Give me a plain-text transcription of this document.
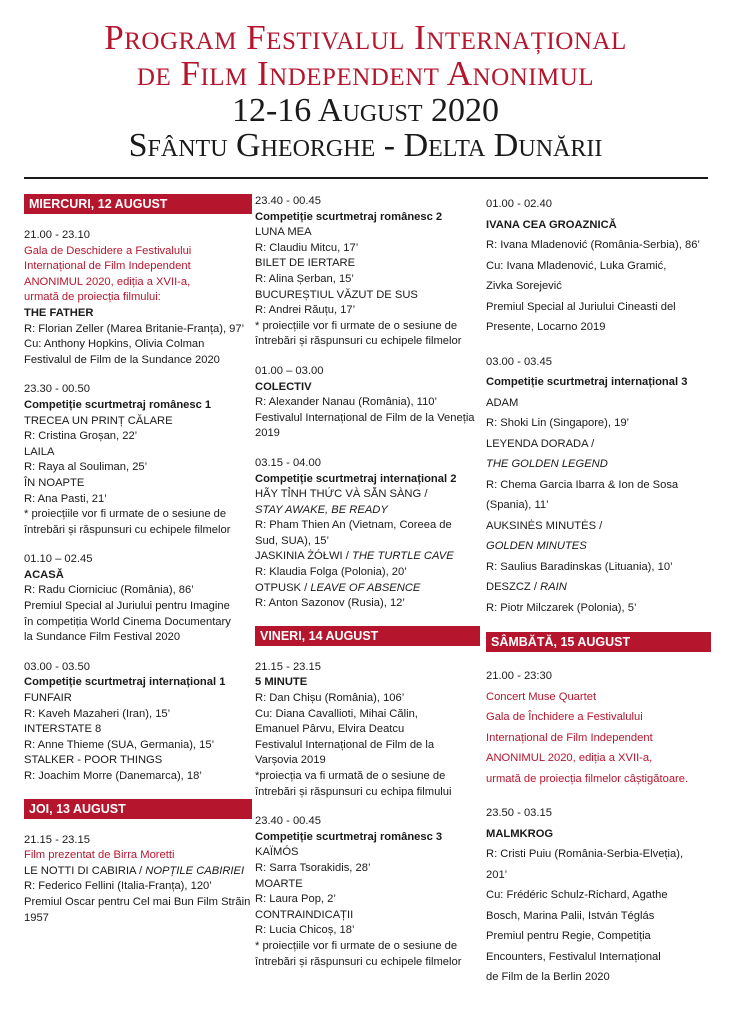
Program Festivalul Internațional
de Film Independent Anonimul
12-16 August 2020
Sfântu Gheorghe - Delta Dunării
MIERCURI, 12 AUGUST
21.00 - 23.10
Gala de Deschidere a Festivalului
Internațional de Film Independent
ANONIMUL 2020, ediția a XVII-a,
urmată de proiecția filmului:
THE FATHER
R: Florian Zeller (Marea Britanie-Franța), 97’
Cu: Anthony Hopkins, Olivia Colman
Festivalul de Film de la Sundance 2020
23.30 - 00.50
Competiție scurtmetraj românesc 1
TRECEA UN PRINȚ CĂLARE
R: Cristina Groșan, 22’
LAILA
R: Raya al Souliman, 25’
ÎN NOAPTE
R: Ana Pasti, 21’
* proiecțiile vor fi urmate de o sesiune de
întrebări și răspunsuri cu echipele filmelor
01.10 – 02.45
ACASĂ
R: Radu Ciorniciuc (România), 86’
Premiul Special al Juriului pentru Imagine
în competiția World Cinema Documentary
la Sundance Film Festival 2020
03.00 - 03.50
Competiție scurtmetraj internațional 1
FUNFAIR
R: Kaveh Mazaheri (Iran), 15’
INTERSTATE 8
R: Anne Thieme (SUA, Germania), 15’
STALKER - POOR THINGS
R: Joachim Morre (Danemarca), 18’
JOI, 13 AUGUST
21.15 - 23.15
Film prezentat de Birra Moretti
LE NOTTI DI CABIRIA / NOPȚILE CABIRIEI
R: Federico Fellini (Italia-Franța), 120’
Premiul Oscar pentru Cel mai Bun Film Străin
1957
23.40 - 00.45
Competiție scurtmetraj românesc 2
LUNA MEA
R: Claudiu Mitcu, 17’
BILET DE IERTARE
R: Alina Șerban, 15’
BUCUREȘTIUL VĂZUT DE SUS
R: Andrei Răuțu, 17’
* proiecțiile vor fi urmate de o sesiune de
întrebări și răspunsuri cu echipele filmelor
01.00 – 03.00
COLECTIV
R: Alexander Nanau (România), 110’
Festivalul Internațional de Film de la Veneția
2019
03.15 - 04.00
Competiție scurtmetraj internațional 2
HÃY TỈNH THỨC VÀ SẴN SÀNG /
STAY AWAKE, BE READY
R: Pham Thien An (Vietnam, Coreea de
Sud, SUA), 15’
JASKINIA ŻÓŁWI / THE TURTLE CAVE
R: Klaudia Folga (Polonia), 20’
OTPUSK / LEAVE OF ABSENCE
R: Anton Sazonov (Rusia), 12’
VINERI, 14 AUGUST
21.15 - 23.15
5 MINUTE
R: Dan Chișu (România), 106’
Cu: Diana Cavallioti, Mihai Călin,
Emanuel Pârvu, Elvira Deatcu
Festivalul Internațional de Film de la
Varșovia 2019
*proiecția va fi urmată de o sesiune de
întrebări și răspunsuri cu echipa filmului
23.40 - 00.45
Competiție scurtmetraj românesc 3
KAÏMÓS
R: Sarra Tsorakidis, 28’
MOARTE
R: Laura Pop, 2’
CONTRAINDICAȚII
R: Lucia Chicoș, 18’
* proiecțiile vor fi urmate de o sesiune de
întrebări și răspunsuri cu echipele filmelor
01.00 - 02.40
IVANA CEA GROAZNICĂ
R: Ivana Mladenović (România-Serbia), 86’
Cu: Ivana Mladenović, Luka Gramić,
Zivka Sorejević
Premiul Special al Juriului Cineasti del
Presente, Locarno 2019
03.00 - 03.45
Competiție scurtmetraj internațional 3
ADAM
R: Shoki Lin (Singapore), 19’
LEYENDA DORADA /
THE GOLDEN LEGEND
R: Chema Garcia Ibarra & Ion de Sosa
(Spania), 11’
AUKSINĖS MINUTĖS /
GOLDEN MINUTES
R: Saulius Baradinskas (Lituania), 10’
DESZCZ / RAIN
R: Piotr Milczarek (Polonia), 5’
SÂMBĂTĂ, 15 AUGUST
21.00 - 23:30
Concert Muse Quartet
Gala de Închidere a Festivalului
Internațional de Film Independent
ANONIMUL 2020, ediția a XVII-a,
urmată de proiecția filmelor câștigătoare.
23.50 - 03.15
MALMKROG
R: Cristi Puiu (România-Serbia-Elveția),
201’
Cu: Frédéric Schulz-Richard, Agathe
Bosch, Marina Palii, István Téglás
Premiul pentru Regie, Competiția
Encounters, Festivalul Internațional
de Film de la Berlin 2020
